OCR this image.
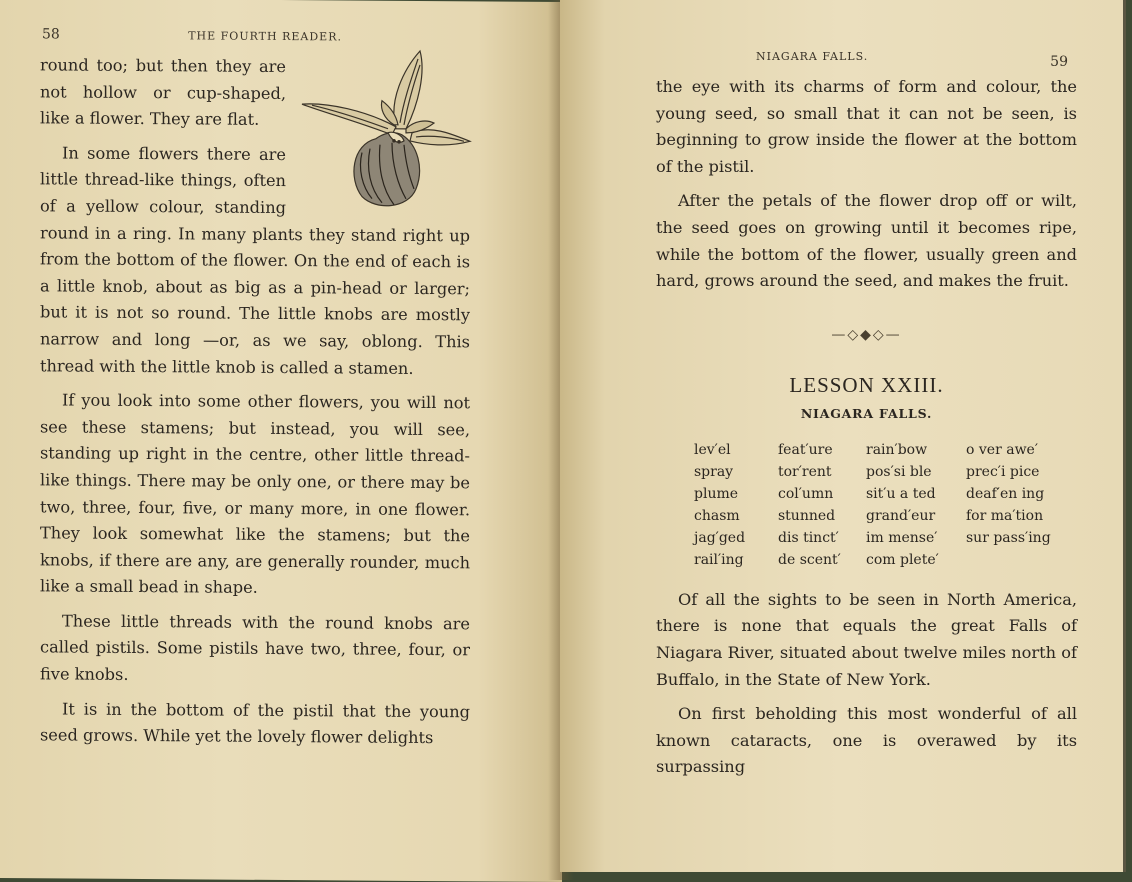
58	THE FOURTH READER.

round too; but then they are not hollow or cup-shaped, like a flower. They are flat.

In some flowers there are little thread-like things, often of a yellow colour, standing round in a ring. In many plants they stand right up from the bottom of the flower. On the end of each is a little knob, about as big as a pin-head or larger; but it is not so round. The little knobs are mostly narrow and long —or, as we say, oblong. This thread with the little knob is called a stamen.

If you look into some other flowers, you will not see these stamens; but instead, you will see, standing up right in the centre, other little thread-like things. There may be only one, or there may be two, three, four, five, or many more, in one flower. They look somewhat like the stamens; but the knobs, if there are any, are generally rounder, much like a small bead in shape.

These little threads with the round knobs are called pistils. Some pistils have two, three, four, or five knobs.

It is in the bottom of the pistil that the young seed grows. While yet the lovely flower delights

NIAGARA FALLS.	59

the eye with its charms of form and colour, the young seed, so small that it can not be seen, is beginning to grow inside the flower at the bottom of the pistil.

After the petals of the flower drop off or wilt, the seed goes on growing until it becomes ripe, while the bottom of the flower, usually green and hard, grows around the seed, and makes the fruit.

—◇◆◇—
LESSON XXIII.
NIAGARA FALLS.
lev′el	feat′ure	rain′bow	o ver awe′
spray	tor′rent	pos′si ble	prec′i pice
plume	col′umn	sit′u a ted	deaf′en ing
chasm	stunned	grand′eur	for ma′tion
jag′ged	dis tinct′	im mense′	sur pass′ing
rail′ing	de scent′	com plete′

Of all the sights to be seen in North America, there is none that equals the great Falls of Niagara River, situated about twelve miles north of Buffalo, in the State of New York.

On first beholding this most wonderful of all known cataracts, one is overawed by its surpassing
